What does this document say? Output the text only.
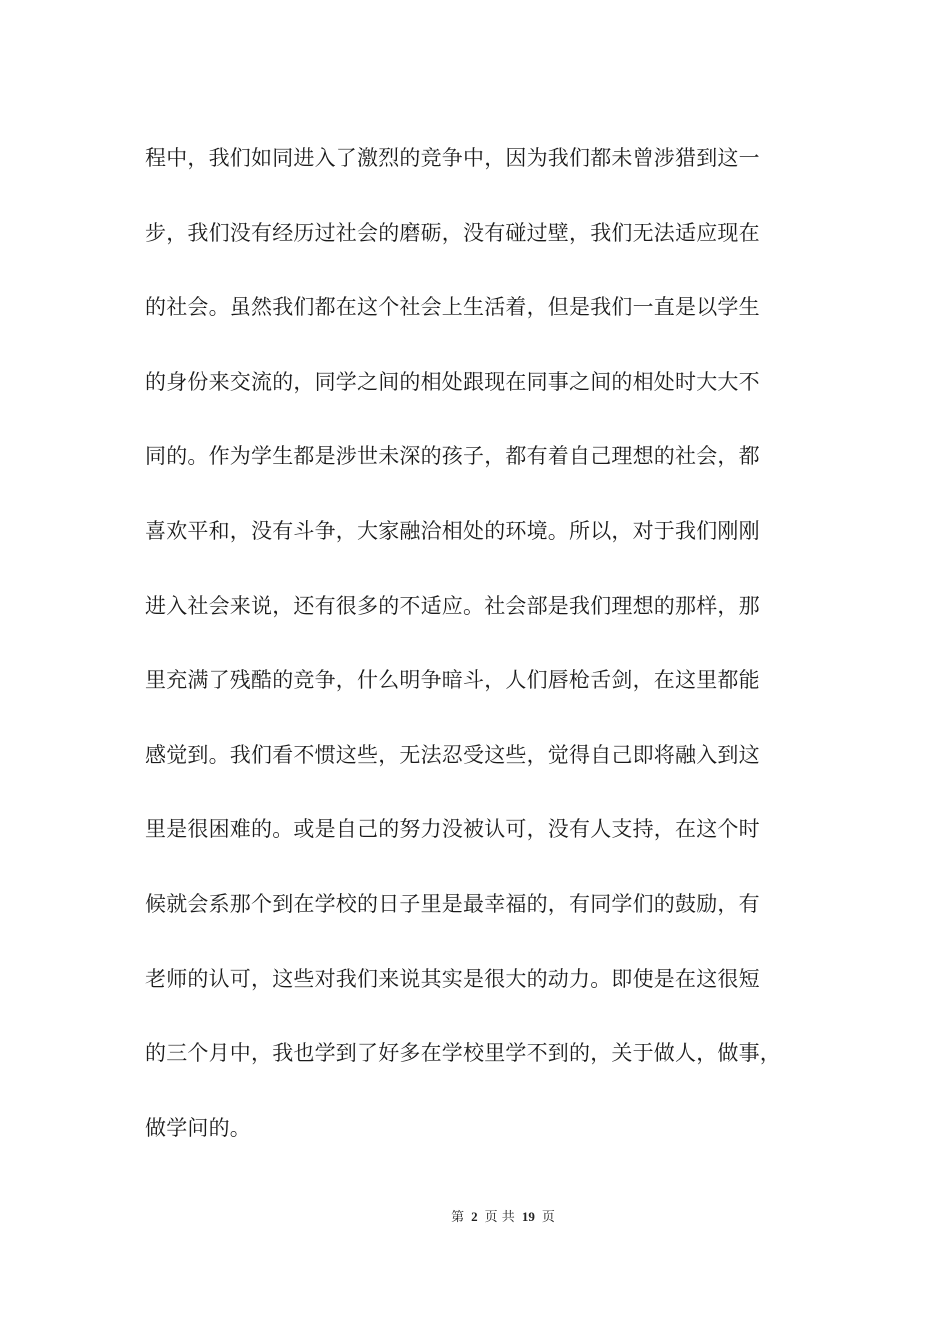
程中，我们如同进入了激烈的竞争中，因为我们都未曾涉猎到这一
步，我们没有经历过社会的磨砺，没有碰过壁，我们无法适应现在
的社会。虽然我们都在这个社会上生活着，但是我们一直是以学生
的身份来交流的，同学之间的相处跟现在同事之间的相处时大大不
同的。作为学生都是涉世未深的孩子，都有着自己理想的社会，都
喜欢平和，没有斗争，大家融洽相处的环境。所以，对于我们刚刚
进入社会来说，还有很多的不适应。社会部是我们理想的那样，那
里充满了残酷的竞争，什么明争暗斗，人们唇枪舌剑，在这里都能
感觉到。我们看不惯这些，无法忍受这些，觉得自己即将融入到这
里是很困难的。或是自己的努力没被认可，没有人支持，在这个时
候就会系那个到在学校的日子里是最幸福的，有同学们的鼓励，有
老师的认可，这些对我们来说其实是很大的动力。即使是在这很短
的三个月中，我也学到了好多在学校里学不到的，关于做人，做事，
做学问的。
第 2 页 共 19 页
